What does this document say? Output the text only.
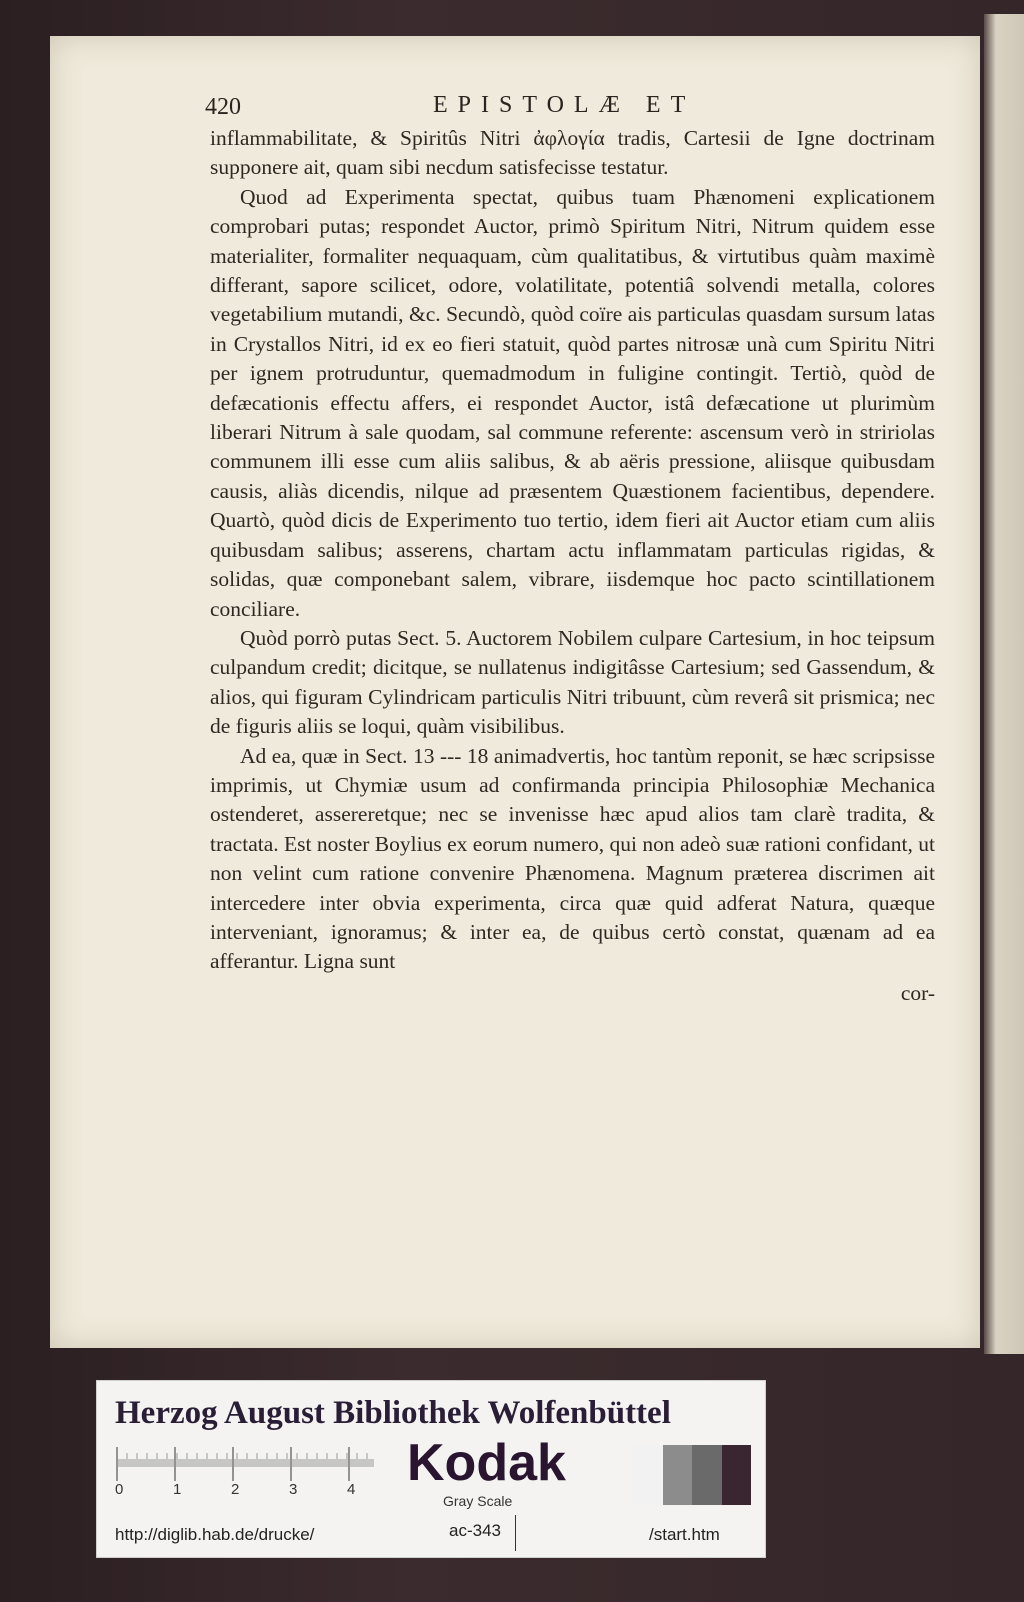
420	EPISTOLÆ ET

inflammabilitate, & Spiritûs Nitri ἀφλογία tradis, Cartesii de Igne doctrinam supponere ait, quam sibi necdum satisfecisse testatur.

Quod ad Experimenta spectat, quibus tuam Phænomeni explicationem comprobari putas; respondet Auctor, primò Spiritum Nitri, Nitrum quidem esse materialiter, formaliter nequaquam, cùm qualitatibus, & virtutibus quàm maximè differant, sapore scilicet, odore, volatilitate, potentiâ solvendi metalla, colores vegetabilium mutandi, &c. Secundò, quòd coïre ais particulas quasdam sursum latas in Crystallos Nitri, id ex eo fieri statuit, quòd partes nitrosæ unà cum Spiritu Nitri per ignem protruduntur, quemadmodum in fuligine contingit. Tertiò, quòd de defæcationis effectu affers, ei respondet Auctor, istâ defæcatione ut plurimùm liberari Nitrum à sale quodam, sal commune referente: ascensum verò in stririolas communem illi esse cum aliis salibus, & ab aëris pressione, aliisque quibusdam causis, aliàs dicendis, nilque ad præsentem Quæstionem facientibus, dependere. Quartò, quòd dicis de Experimento tuo tertio, idem fieri ait Auctor etiam cum aliis quibusdam salibus; asserens, chartam actu inflammatam particulas rigidas, & solidas, quæ componebant salem, vibrare, iisdemque hoc pacto scintillationem conciliare.

Quòd porrò putas Sect. 5. Auctorem Nobilem culpare Cartesium, in hoc teipsum culpandum credit; dicitque, se nullatenus indigitâsse Cartesium; sed Gassendum, & alios, qui figuram Cylindricam particulis Nitri tribuunt, cùm reverâ sit prismica; nec de figuris aliis se loqui, quàm visibilibus.

Ad ea, quæ in Sect. 13 --- 18 animadvertis, hoc tantùm reponit, se hæc scripsisse imprimis, ut Chymiæ usum ad confirmanda principia Philosophiæ Mechanica ostenderet, assereretque; nec se invenisse hæc apud alios tam clarè tradita, & tractata. Est noster Boylius ex eorum numero, qui non adeò suæ rationi confidant, ut non velint cum ratione convenire Phænomena. Magnum præterea discrimen ait intercedere inter obvia experimenta, circa quæ quid adferat Natura, quæque interveniant, ignoramus; & inter ea, de quibus certò constat, quænam ad ea afferantur. Ligna sunt

cor-
Herzog August Bibliothek Wolfenbüttel
0	1	2	3	4 Kodak
Gray Scale
http://diglib.hab.de/drucke/	ac-343	/start.htm
